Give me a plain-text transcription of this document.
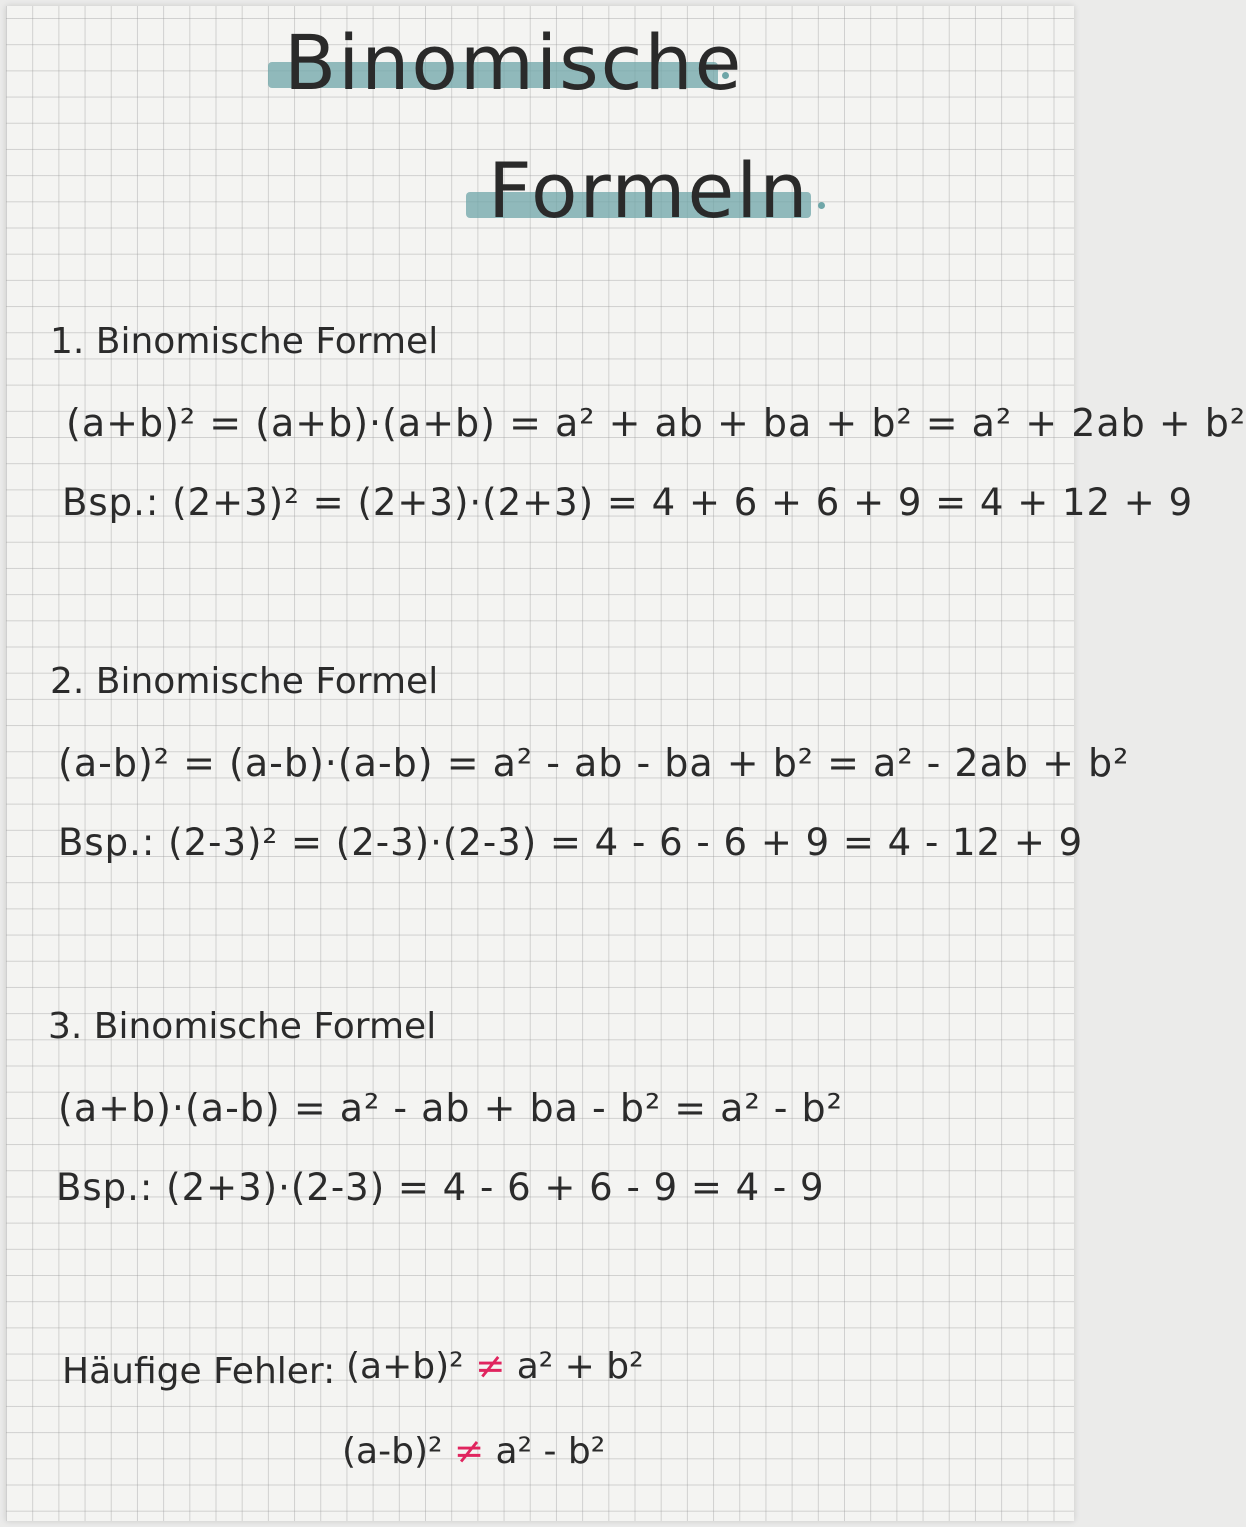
Binomische
Formeln
1. Binomische Formel
(a+b)² = (a+b)·(a+b) = a² + ab + ba + b² = a² + 2ab + b²
Bsp.: (2+3)² = (2+3)·(2+3) = 4 + 6 + 6 + 9 = 4 + 12 + 9
2. Binomische Formel
(a-b)² = (a-b)·(a-b) = a² - ab - ba + b² = a² - 2ab + b²
Bsp.: (2-3)² = (2-3)·(2-3) = 4 - 6 - 6 + 9 = 4 - 12 + 9
3. Binomische Formel
(a+b)·(a-b) = a² - ab + ba - b² = a² - b²
Bsp.: (2+3)·(2-3) = 4 - 6 + 6 - 9 = 4 - 9
Häufige Fehler: (a+b)² ≠ a² + b²
(a-b)² ≠ a² - b²
